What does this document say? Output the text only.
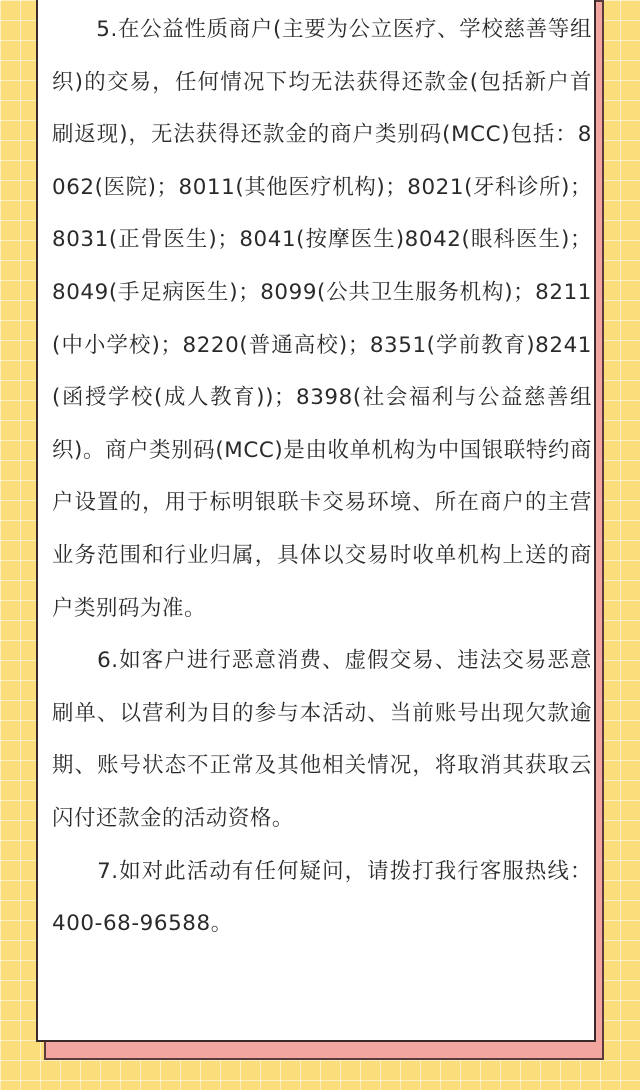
　　5.在公益性质商户(主要为公立医疗、学校慈善等组织)的交易，任何情况下均无法获得还款金(包括新户首刷返现)，无法获得还款金的商户类别码(MCC)包括：8062(医院)；8011(其他医疗机构)；8021(牙科诊所)；8031(正骨医生)；8041(按摩医生)8042(眼科医生)；8049(手足病医生)；8099(公共卫生服务机构)；8211(中小学校)；8220(普通高校)；8351(学前教育)8241(函授学校(成人教育))；8398(社会福利与公益慈善组织)。商户类别码(MCC)是由收单机构为中国银联特约商户设置的，用于标明银联卡交易环境、所在商户的主营业务范围和行业归属，具体以交易时收单机构上送的商户类别码为准。

　　6.如客户进行恶意消费、虚假交易、违法交易恶意刷单、以营利为目的参与本活动、当前账号出现欠款逾期、账号状态不正常及其他相关情况，将取消其获取云闪付还款金的活动资格。

　　7.如对此活动有任何疑问，请拨打我行客服热线：400-68-96588。
